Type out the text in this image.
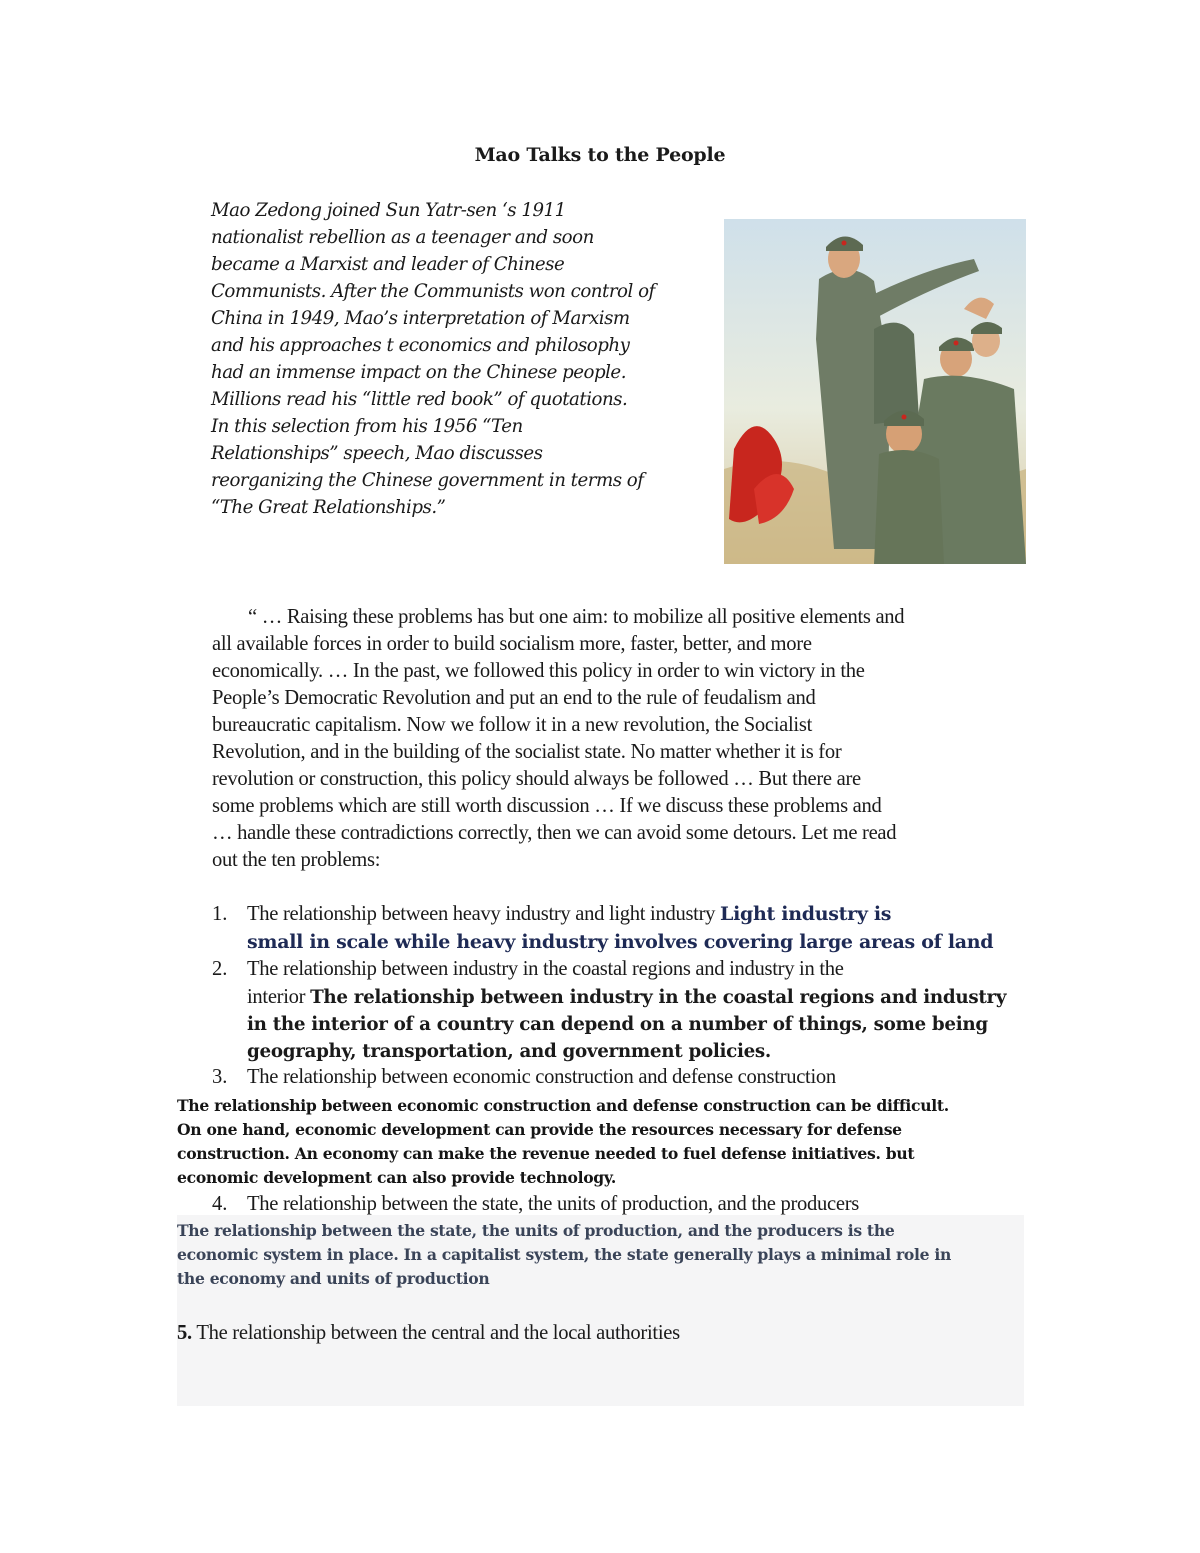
Mao Talks to the People
Mao Zedong joined Sun Yatr-sen ‘s 1911
nationalist rebellion as a teenager and soon
became a Marxist and leader of Chinese
Communists. After the Communists won control of
China in 1949, Mao’s interpretation of Marxism
and his approaches t economics and philosophy
had an immense impact on the Chinese people.
Millions read his “little red book” of quotations.
In this selection from his 1956 “Ten
Relationships” speech, Mao discusses
reorganizing the Chinese government in terms of
“The Great Relationships.”
“ … Raising these problems has but one aim: to mobilize all positive elements and
all available forces in order to build socialism more, faster, better, and more
economically. … In the past, we followed this policy in order to win victory in the
People’s Democratic Revolution and put an end to the rule of feudalism and
bureaucratic capitalism. Now we follow it in a new revolution, the Socialist
Revolution, and in the building of the socialist state. No matter whether it is for
revolution or construction, this policy should always be followed … But there are
some problems which are still worth discussion … If we discuss these problems and
… handle these contradictions correctly, then we can avoid some detours. Let me read
out the ten problems:
1. The relationship between heavy industry and light industry Light industry is
small in scale while heavy industry involves covering large areas of land
2. The relationship between industry in the coastal regions and industry in the
interior The relationship between industry in the coastal regions and industry
in the interior of a country can depend on a number of things, some being
geography, transportation, and government policies.
3. The relationship between economic construction and defense construction
The relationship between economic construction and defense construction can be difficult.
On one hand, economic development can provide the resources necessary for defense
construction. An economy can make the revenue needed to fuel defense initiatives. but
economic development can also provide technology.
4. The relationship between the state, the units of production, and the producers
The relationship between the state, the units of production, and the producers is the
economic system in place. In a capitalist system, the state generally plays a minimal role in
the economy and units of production
5. The relationship between the central and the local authorities
